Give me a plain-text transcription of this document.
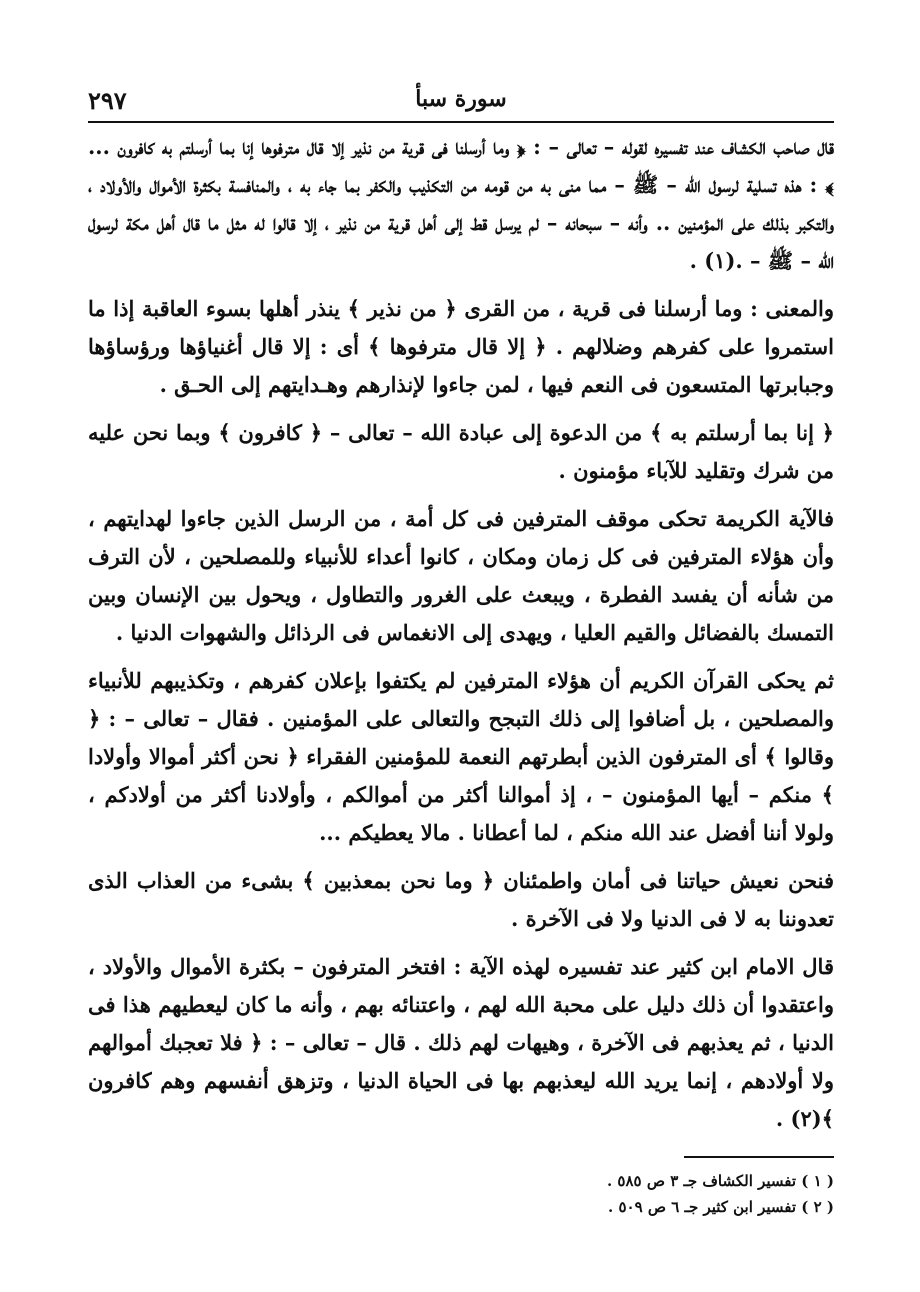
٢٩٧	سورة سبأ

قال صاحب الكشاف عند تفسيره لقوله – تعالى – : ﴿ وما أرسلنا فى قرية من نذير إلا قال مترفوها إنا بما أرسلتم به كافرون ... ﴾ : هذه تسلية لرسول الله – ﷺ – مما منى به من قومه من التكذيب والكفر بما جاء به ، والمنافسة بكثرة الأموال والأولاد ، والتكبر بذلك على المؤمنين .. وأنه – سبحانه – لم يرسل قط إلى أهل قرية من نذير ، إلا قالوا له مثل ما قال أهل مكة لرسول الله – ﷺ – .(١) .

والمعنى : وما أرسلنا فى قرية ، من القرى ﴿ من نذير ﴾ ينذر أهلها بسوء العاقبة إذا ما استمروا على كفرهم وضلالهم . ﴿ إلا قال مترفوها ﴾ أى : إلا قال أغنياؤها ورؤساؤها وجبابرتها المتسعون فى النعم فيها ، لمن جاءوا لإنذارهم وهـدايتهم إلى الحـق .

﴿ إنا بما أرسلتم به ﴾ من الدعوة إلى عبادة الله – تعالى – ﴿ كافرون ﴾ وبما نحن عليه من شرك وتقليد للآباء مؤمنون .

فالآية الكريمة تحكى موقف المترفين فى كل أمة ، من الرسل الذين جاءوا لهدايتهم ، وأن هؤلاء المترفين فى كل زمان ومكان ، كانوا أعداء للأنبياء وللمصلحين ، لأن الترف من شأنه أن يفسد الفطرة ، ويبعث على الغرور والتطاول ، ويحول بين الإنسان وبين التمسك بالفضائل والقيم العليا ، ويهدى إلى الانغماس فى الرذائل والشهوات الدنيا .

ثم يحكى القرآن الكريم أن هؤلاء المترفين لم يكتفوا بإعلان كفرهم ، وتكذيبهم للأنبياء والمصلحين ، بل أضافوا إلى ذلك التبجح والتعالى على المؤمنين . فقال – تعالى – : ﴿ وقالوا ﴾ أى المترفون الذين أبطرتهم النعمة للمؤمنين الفقراء ﴿ نحن أكثر أموالا وأولادا ﴾ منكم – أيها المؤمنون – ، إذ أموالنا أكثر من أموالكم ، وأولادنا أكثر من أولادكم ، ولولا أننا أفضل عند الله منكم ، لما أعطانا . مالا يعطيكم ...

فنحن نعيش حياتنا فى أمان واطمئنان ﴿ وما نحن بمعذبين ﴾ بشىء من العذاب الذى تعدوننا به لا فى الدنيا ولا فى الآخرة .

قال الامام ابن كثير عند تفسيره لهذه الآية : افتخر المترفون – بكثرة الأموال والأولاد ، واعتقدوا أن ذلك دليل على محبة الله لهم ، واعتنائه بهم ، وأنه ما كان ليعطيهم هذا فى الدنيا ، ثم يعذبهم فى الآخرة ، وهيهات لهم ذلك . قال – تعالى – : ﴿ فلا تعجبك أموالهم ولا أولادهم ، إنما يريد الله ليعذبهم بها فى الحياة الدنيا ، وتزهق أنفسهم وهم كافرون ﴾(٢) .

( ١ ) تفسير الكشاف جـ ٣ ص ٥٨٥ .

( ٢ ) تفسير ابن كثير جـ ٦ ص ٥٠٩ .
